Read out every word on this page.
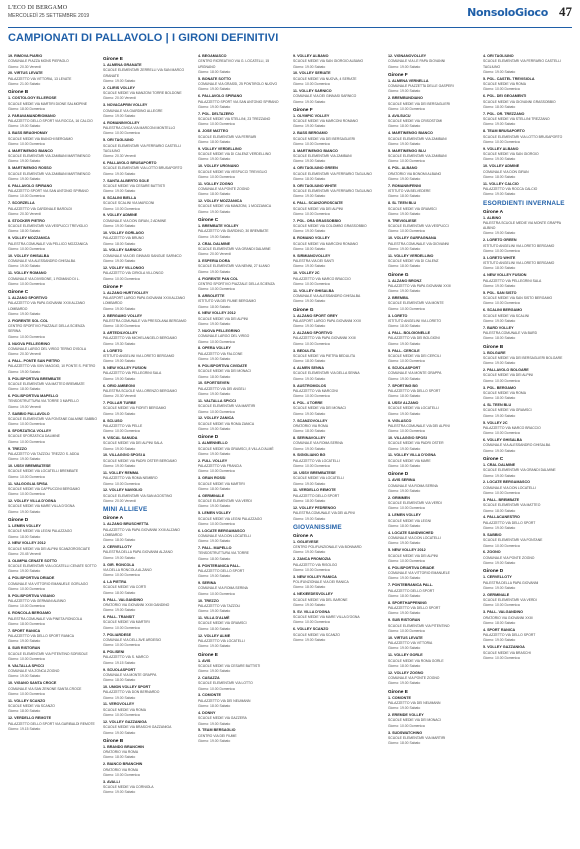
L'ECO DI BERGAMO
MERCOLEDÌ 25 SETTEMBRE 2019	NonsoloGioco 47
CAMPIONATI DI PALLAVOLO | I GIRONI DEFINITIVI
19. RIMOVA PIARIO
COMUNALE PIAZZA MONS PIEPAOLO
Giorno: 20.30 Venerdì
20. VIRTUS LEVATE
PALAZZETTO VIA VITTORIA, 13 LEVATE
Giorno: 21.00 Sabato
Girone B
1. COSTOLOGY ELLEROSE
SCUOLE MEDIE VIA MARTIRI DIONE SALMOPINE
Giorno: 18.00 Domenica
2. FARAVAMANDRIOMANO
PALAZZETTO DELLO SPORT VIA ROCCA, 16 CALCIO
Giorno: 19.00 Sabato
3. BASS BRAGHOMAY
SCUOLE MEDIE VIA BIANCHI BERGAMO
Giorno: 10.00 Domenica
4. MARTINENGO BIANCO
SCUOLE ELEMENTARI VIA ZAMBANI MARTINENGO
Giorno: 19.00 Sabato
5. MARTINENGO ROSSO
SCUOLE ELEMENTARI VIA ZAMBANI MARTINENGO
Giorno: 19.00 Sabato
6. PALLAVOLO SPIRANO
PALAZZETTO SPORT VIA SAN ANTONIO SPIRANO
Giorno: 10.00 Domenica
7. SCORZELLA
PALAZZETTO VIA CARDINALE BAROLDI
Giorno: 20.30 Venerdì
8. STOCKER PIETRO
SCUOLE ELEMENTARI VIA VESPUCCI TREVIGLIO
Giorno: 18.00 Sabato
9. VOLLEY MOZZANICA
PALESTRA COMUNALE VIA PELLICO MOZZANICA
Giorno: 10.00 Domenica
10. VOLLEY GHISALBA
COMUNALE VIA ALESSANDRO GHISALBA
Giorno: 19.00 Sabato
11. VOLLEY ROMANO
COMUNALE VIA DIVISIONE, 1 ROMANO DI L.
Giorno: 10.00 Domenica
Girone C
1. ALZANO SPORTIVO
PALAZZETTO VIA PAPA GIOVANNI XXIII ALZANO LOMBARDO
Giorno: 19.00 Sabato
2. FIORENTE SOL COL
CENTRO SPORTIVO PIAZZALE DELLA SCIENZA SERINA
Giorno: 10.00 Domenica
3. NUOVA PELLEGRINO
COMUNALE LARGO DEL VIRGO TERNO D'ISOLA
Giorno: 20.30 Venerdì
4. PALL. PONTE SAN PIETRO
PALAZZETTO VIA XXIV MAGGIO, 10 PONTE S. PIETRO
Giorno: 19.00 Sabato
5. POLISPORTIVA BREMBATE
SCUOLE ELEMENTARI VIA MATTEO BREMBATE
Giorno: 18.00 Sabato
6. POLISPORTIVA MAPELLO
TENSOSTRUTTURA VIA TORRE 3 MAPELLO
Giorno: 19.00 Venerdì
7. SABBIO PALLAVOLO
SCUOLE ELEMENTARI VIA FONTANE DALMINE SABBIO
Giorno: 10.00 Domenica
8. SFORZATICA VOLLEY
SCUOLE SFORZATICA DALMINE
Giorno: 10.00 Domenica
9. TREZZO
PALAZZETTO VIA TAZZOLI TREZZO S. ADDA
Giorno: 19.00 Sabato
10. USSV BREMBATESE
SCUOLE MEDIE VIA LOCATELLI BREMBATE
Giorno: 10.00 Domenica
11. VALGOGLIA SPISA
SCUOLE MEDIE VIA CAPPUCCINI BERGAMO
Giorno: 10.00 Domenica
12. VOLLEY VILLA D'OGNA
SCUOLE MEDIE VIA MARE VILLA D'OGNA
Giorno: 19.00 Sabato
Girone D
1. LEMEN VOLLEY
SCUOLE MEDIE VIA LEGNI PALAZZAGO
Giorno: 18.00 Sabato
2. NEW VOLLEY 2012
SCUOLE MEDIE VIA DEI ALPINI SCANZOROSCIATE
Giorno: 20.45 Venerdì
3. OLIMPIA CENATE SOTTO
SCUOLE ELEMENTARI VIA LOCATELLI CENATE SOTTO
Giorno: 19.00 Sabato
4. POLISPORTIVA DRIADE
COMUNALE VIA VITTORIO EMANUELE GORLAGO
Giorno: 10.00 Domenica
5. POLISPORTIVA VIGANO
PALAZZETTO VIA GERMANI ALBINO
Giorno: 10.00 Domenica
6. RONCOLA BERGAMO
PALESTRA COMUNALE VIA PINETA RONCOLA
Giorno: 18.00 Domenica
7. SPORT RANICA
PALAZZETTO VIA DELLO SPORT RANICA
Giorno: 19.00 Sabato
8. SUB RISTORAN
SCUOLE ELEMENTARI VIA PITENTINO SORISOLE
Giorno: 10.00 Domenica
9. VALTALLA SPICCI
COMUNALE VIA ZONCA ZOGNO
Giorno: 19.00 Sabato
10. VIGANO SANTA CROCE
COMUNALE VIA SAN ZENONE SANTA CROCE
Giorno: 10.00 Domenica
11. VOLLEY SCANZO
SCUOLE MEDIE VIA SCANZO
Giorno: 18.00 Sabato
12. VERDELLO REMOTE
PALAZZETTO DELLO SPORT VIA GARIBALDI REMOTE
Giorno: 19.15 Sabato
Girone E
1. ALMENA GRANATE
SCUOLE ELEMENTARI ZERRELLI VIA SAN MARCO GRANATE
Giorno: 19.00 Sabato
2. CLIRIS VOLLEY
SCUOLE MEDIE VIA MANZONI TORRE BOLDONE
Giorno: 20.00 Venerdì
3. NOVACAPRIN VOLLEY
COMUNALE VIA GIARDINO ALLEGRE
Giorno: 19.00 Sabato
4. ROMANINVOLLEY
PALESTRA CIVICA VIA MARCONI MONTELLO
Giorno: 10.00 Domenica
5. ORI TAGLIUNO
SCUOLE ELEMENTARI VIA FERRARIO CASTELLI TAGLIUNO
Giorno: 20.30 Venerdì
6. PALLAVOLO BRUSAPORTO
SCUOLE ELEMENTARI VIA LOTTO BRUSAPORTO
Giorno: 19.00 Sabato
7. SANTA ALBERTO SOLE
SCUOLE MEDIE VIA CESARE BATTISTI
Giorno: 19.00 Sabato
8. SCALINI BIELLA
SCUOLE SCALINI VIA MARCONI
Giorno: 10.00 Domenica
9. VOLLEY ADMINE
COMUNALE VIA DON GIRAN, 2 ADMINE
Giorno: 19.00 Sabato
10. VOLLEY GORLAGO
PALAZZETTO VIA BRUNO
Giorno: 18.00 Sabato
11. VOLLEY SARNICO
COMUNALE VIA DEI GINNASI SANGUE SARNICO
Giorno: 19.00 Sabato
12. VOLLEY VILLONGO
PALAZZETTO VIA CIRIOLA VILLONGO
Giorno: 10.00 Domenica
Girone F
1. ALZANO HURTVOLLEY
PALASPORT LARGO PAPA GIOVANNI XXIII ALZANO LOMBARDO
Giorno: 19.00 Sabato
2. BERGAMO VOLLEY
PALESTRA COMUNALE VIA PRESOLANA BERGAMO
Giorno: 18.00 Domenica
3. ARTEDILVOLLEY
PALAZZETTO VIA MICHELANGELO BERGAMO
Giorno: 19.30 Sabato
4. LORETO
ISTITUTO ANGELINI VIA LORETO BERGAMO
Giorno: 19.00 Sabato
5. NEW VOLLEY FUSION
PALAZZETTO VIA PELLEGRINI SALA
Giorno: 19.00 Sabato
6. ORIO AMBEGNI
PALESTRA SCUOLE VIA LORENZO BERGAMO
Giorno: 20.30 Venerdì
7. POLLAR TURBE
SCUOLE MEDIE VIA FIORITI BERGAMO
Giorno: 19.00 Sabato
8. SCLUSO
PALAZZETTO VIA PELLE
Giorno: 10.00 Domenica
9. VISCAL SANUDA
SCUOLE MEDIE VIA DEI ALPINI SALA
Giorno: 19.00 Sabato
10. VILLAGGIO SPOSI A
SCUOLE MEDIE VIA PADRI OSTER BERGAMO
Giorno: 19.00 Sabato
11. VOLLEY REMMA
PALAZZETTO VIA ROMA NEMBRO
Giorno: 10.00 Domenica
12. VOLLEY NAVIGLIO
SCUOLE ELEMENTARI VIA SAN AGOSTINO
Giorno: 20.00 Venerdì
MINI ALLIEVE
Girone A
1. ALZANO BRUSCHETTA
PALAZZETTO VIA PAPA GIOVANNI XXIII ALZANO LOMBARDO
Giorno: 18.00 Sabato
2. CERVELLOTY
PALESTRA DELLA PAPA GIOVANNI ALZANO
Giorno: 19.00 Sabato
3. GIR. RONCOLA
VIA DELLA RONCOLA ALZANO
Giorno: 10.00 Domenica
4. LA PIETRA
SCUOLE MEDIE VIA CORTI
Giorno: 18.00 Sabato
5. PALL. VALGANDINO
ORATORIO VIA GIOVANNI XXIII GANDINO
Giorno: 19.00 Sabato
6. PALL. TRANSIT
SCUOLE MEDIE VIA MARTIRI
Giorno: 10.00 Domenica
7. POLIARDESE
COMUNALE VIA DELL'AVE ARDESIO
Giorno: 10.00 Domenica
8. POLISENI
PALAZZETTO VIA S. MARCO
Giorno: 19.15 Sabato
9. SCUOLASPORT
COMUNALE VIA MONTE GRAPPA
Giorno: 18.00 Sabato
10. UNION VOLLEY SPORT
PALAZZETTO VIA DON BERNARDO
Giorno: 19.00 Sabato
11. VEROVOLLEY
SCUOLE MEDIE VIA ROMA
Giorno: 10.00 Domenica
12. VOLLEY GAZZANIGA
SCUOLE MEDIE VIA BRASCHI GAZZANIGA
Giorno: 19.00 Sabato
Girone B
1. BRANDO BRANCHIN
ORATORIO VIA ROMA
Giorno: 18.00 Sabato
2. BIANCO BRANCHIN
ORATORIO VIA ROMA
Giorno: 10.00 Domenica
3. AVALLI
SCUOLE MEDIE VIA CORNIOLA
Giorno: 19.00 Sabato
4. BEGAMASCO
CENTRO RICREATIVO VIA G. LOCATELLI, 15 URGNANO
Giorno: 18.00 Sabato
5. BONATE SOTTO
COMUNALE VIA GRASSI, 25 PONTIROLO NUOVO
Giorno: 19.00 Sabato
6. PALLAVOLO SPIRANO
PALAZZETTO SPORT VIA SAN ANTONIO SPIRANO
Giorno: 19.00 Sabato
7. POL. DELTAZERO
SCUOLE MEDIE VIA STELLINI, 23 TREZZANO
Giorno: 10.00 Domenica
8. JOSE MATTEO
SCUOLE ELEMENTARI VIA FERRARI
Giorno: 18.00 Sabato
9. VOLLEY VERDELLINO
SCUOLE MEDIE VIA DI CALENZ VERDELLINO
Giorno: 19.00 Sabato
10. VOLLEY URGNANO
SCUOLE MEDIE VIA VESPUCCI TREVIGLIO
Giorno: 10.00 Domenica
11. VOLLEY ZOGNO
COMUNALE VIA PONTE ZOGNO
Giorno: 18.00 Sabato
12. VOLLEY MOZZANICA
SCUOLE MEDIE VIA MANZONI, 1 MOZZANICA
Giorno: 19.00 Sabato
Girone C
1. BREMBATE VOLLEY
PALAZZETTO VIA GIARDINO, 30 BREMBATE
Giorno: 19.00 Sabato
2. CRAL DALMINE
SCUOLE ELEMENTARI VIA GRANDI DALMINE
Giorno: 20.00 Venerdì
3. ESPERIA DORA
SCUOLE ELEMENTARI VIA NENNI, 27 ILIANO
Giorno: 19.00 Sabato
4. FIORENTE PAN COL
CENTRO SPORTIVO PIAZZALE DELLA SCIENZA
Giorno: 10.00 Domenica
5. ARBOLETTE
ISTITUTO VIA DEI FIUME BERGAMO
Giorno: 18.00 Sabato
6. NEW VOLLEY 2012
SCUOLE MEDIE VIA DEI ALPINI
Giorno: 19.00 Sabato
7. NUOVA PELLEGRINO
COMUNALE LARGO DEL VIRGO
Giorno: 10.00 Domenica
8. OPERA VOLLEY
PALAZZETTO VIA FALCONE
Giorno: 19.00 Sabato
9. POLISPORTIVA CIVIDATE
SCUOLE MEDIE VIA DEI MONACI
Giorno: 18.00 Sabato
10. SPORTSEVEN
PALAZZETTO VIA DEI ANGELI
Giorno: 19.00 Sabato
11. VALTALLA SPICCI
SCUOLE ELEMENTARI VIA MARTIRI
Giorno: 10.00 Domenica
12. VOLLEY ZANICA
SCUOLE MEDIE VIA ROMA ZANICA
Giorno: 19.00 Sabato
Girone D
1. ALMENNELLO
SCUOLE MEDIE VIA GRAMSCI, 8 VILLA D'ALMÈ
Giorno: 19.00 Sabato
2. FULL VOLLEY
PALAZZETTO VIA FRANCIA
Giorno: 10.00 Domenica
3. GRAN ROSSI
SCUOLE MEDIE VIA MARTIRI
Giorno: 18.00 Sabato
4. GERMINALE
SCUOLE ELEMENTARI VIA VERDI
Giorno: 19.00 Sabato
5. LEMEN VOLLEY
SCUOLE MEDIE VIA LEGNI PALAZZAGO
Giorno: 10.00 Domenica
6. LOCATE BERGAMASCO
COMUNALE VIA DON LOCATELLI
Giorno: 19.00 Sabato
7. PALL. MAPELLO
TENSOSTRUTTURA VIA TORRE
Giorno: 18.00 Sabato
8. PONTERANICA PALL.
PALAZZETTO DELLO SPORT
Giorno: 19.00 Sabato
9. SERINA
COMUNALE VIA ROMA SERINA
Giorno: 10.00 Domenica
10. TREZZO
PALAZZETTO VIA TAZZOLI
Giorno: 19.00 Sabato
11. VILLA D'ALMÈ
SCUOLE MEDIE VIA GRAMSCI
Giorno: 18.00 Sabato
12. VOLLEY ALME
PALAZZETTO VIA LOCATELLI
Giorno: 19.00 Sabato
Girone E
1. AVIS
SCUOLE MEDIE VIA CESARE BATTISTI
Giorno: 19.00 Sabato
2. CASAZZA
SCUOLE ELEMENTARI VIA LOTTO
Giorno: 10.00 Domenica
3. COMONTE
PALAZZETTO VIA DEI NEUMANN
Giorno: 18.00 Sabato
4. DONNY
SCUOLE MEDIE VIA GAZZERA
Giorno: 19.00 Sabato
5. TEAM BERSAGLIO
CENTRO VIA DEI FIUME
Giorno: 19.00 Sabato
9. VOLLEY ALBANO
SCUOLE MEDIE VIA SAN GIORGIO ALBANO
Giorno: 19.00 Sabato
10. VOLLEY SERIATE
SCUOLE MEDIE VIA NUOVA, 4 SERIATE
Giorno: 10.00 Domenica
11. VOLLEY SARNICO
COMUNALE VIA DEI GINNASI SARNICO
Giorno: 19.00 Sabato
Girone F
1. OLYMPIC VOLLEY
SCUOLE MEDIE VIA MARCONI ROMANO
Giorno: 19.00 Sabato
2. BASS BERGAMO
SCUOLE MEDIE VIA DEI BERSAGLIERI
Giorno: 10.00 Domenica
3. MARTINENGO BIANCO
SCUOLE ELEMENTARI VIA ZAMBANI
Giorno: 19.00 Sabato
4. ORI TAGLIUNO GREEN
SCUOLE ELEMENTARI VIA FERRARIO TAGLIUNO
Giorno: 18.00 Sabato
5. ORI TAGLIUNO WHITE
SCUOLE ELEMENTARI VIA FERRARIO TAGLIUNO
Giorno: 19.00 Sabato
6. PALL. SCANZOROSCIATE
SCUOLE MEDIE VIA DEI ALPINI
Giorno: 10.00 Domenica
7. POL. ORA GRASSOBBIO
SCUOLE MEDIE VIA COLOMBO GRASSOBBIO
Giorno: 19.00 Sabato
8. ROMANO VOLLEY
SCUOLE MEDIE VIA MARCONI ROMANO
Giorno: 18.00 Sabato
9. SIRMIANOVOLLEY
PALESTRA VIA DEI SANTI
Giorno: 19.00 Sabato
10. VOLLEY 2C
PALAZZETTO VIA MARCO BRACCIO
Giorno: 10.00 Domenica
11. VOLLEY GHISALBA
COMUNALE VIA ALESSANDRO GHISALBA
Giorno: 19.00 Sabato
Girone G
1. ALZANO SPORT GREY
PALASPORT LARGO PAPA GIOVANNI XXIII
Giorno: 19.00 Sabato
2. ALZANO SPORTIVO
PALAZZETTO VIA PAPA GIOVANNI XXIII
Giorno: 10.00 Domenica
3. BEDULITA
SCUOLE MEDIE VIA PIETRA BEDULITA
Giorno: 18.00 Sabato
4. ALMEN SENNA
SCUOLE ELEMENTARI VIA DELLA SENNA
Giorno: 19.00 Sabato
5. AUSTROMOLOS
PALAZZETTO VIA MARCONI
Giorno: 10.00 Domenica
6. POL. 4 TORRE
SCUOLE MEDIE VIA DEI MONACI
Giorno: 19.00 Sabato
7. SCANZOVOLLEY
ORATORIO VIA ROMA
Giorno: 18.00 Sabato
8. SERINAVOLLEY
COMUNALE VIA ROMA SERINA
Giorno: 19.00 Sabato
9. SIGIGLIANO BG
PALAZZETTO VIA LOCATELLI
Giorno: 10.00 Domenica
10. USSV BREMBATESE
SCUOLE MEDIE VIA LOCATELLI
Giorno: 19.00 Sabato
11. VERDELLO REMOTE
PALAZZETTO DELLO SPORT
Giorno: 18.00 Sabato
12. VOLLEY PEDRENGO
PALESTRA COMUNALE VIA DEI ALPINI
Giorno: 19.00 Sabato
GIOVANISSIME
Girone A
1. GGLIEVESE
CENTRO POLIFUNZIONALE VIA BONNARD
Giorno: 19.00 Sabato
2. ZANCA PROMOZIA
PALAZZETTO VIA RISOLGO
Giorno: 10.00 Domenica
3. NEW VOLLEY RANICA
POLIFUNZIONALE VIA DEI RANICA
Giorno: 18.00 Sabato
4. NEXIEEDESVOLLEY
SCUOLE MEDIE VIA DEL BARONE
Giorno: 19.00 Sabato
5. SV. VILLA D'OGNA
SCUOLE MEDIE VIA MARE VILLA D'OGNA
Giorno: 10.00 Domenica
6. VOLLEY SCANZO
SCUOLE MEDIE VIA SCANZO
Giorno: 19.00 Sabato
12. VIGNANOVOLLEY
COMUNALE VIA LE PAPA GIOVANNI
Giorno: 19.00 Sabato
Girone F
1. ALMENA VERNELLA
COMUNALE PIAZZETTA DELLE GASPERI
Giorno: 19.00 Sabato
2. BREMBUNDIANO
SCUOLE MEDIE VIA DEI BERSAGLIERI
Giorno: 10.00 Domenica
3. AVILSUCU
SCUOLE MEDIE VIA CRISOSTOMI
Giorno: 18.00 Sabato
4. MARTINENGO BIANCO
SCUOLE ELEMENTARI VIA ZAMBANI
Giorno: 19.00 Sabato
5. MARTINENGO BLU
SCUOLE ELEMENTARI VIA ZAMBANI
Giorno: 10.00 Domenica
6. POL. ALBANO
ORATORIO VIA BONOMI ALBANO
Giorno: 19.00 Sabato
7. ROMANINFENNI
ISTITUTO VIA BELVEDERE
Giorno: 18.00 Sabato
8. SL TEEN BLU
SCUOLE MEDIE VIA GRAMSCI
Giorno: 19.00 Sabato
9. TREVIGLIESE
SCUOLE ELEMENTARI VIA VESPUCCI
Giorno: 10.00 Domenica
10. VOLLEY GARFAGNANA
PALESTRA COMUNALE VIA GIOVANNI
Giorno: 19.00 Sabato
11. VOLLEY VERDELLINO
SCUOLE MEDIE VIA DI CALENZ
Giorno: 18.00 Sabato
Girone G
1. ALZANO BRONZ
PALAZZETTO VIA PAPA GIOVANNI XXIII
Giorno: 19.00 Sabato
2. BREMBIL
SCUOLE ELEMENTARI VIA MONTE
Giorno: 10.00 Domenica
3. LORETO
ISTITUTO ANGELINI VIA LORETO
Giorno: 18.00 Sabato
4. PALL. BOLGIONELLE
PALAZZETTO VIA DEI BOLGIONI
Giorno: 19.00 Sabato
5. PALL. CERCILE
SCUOLE MEDIE VIA DEI CERCILI
Giorno: 10.00 Domenica
6. SCUOLASPORT
COMUNALE VIA MONTE GRAPPA
Giorno: 19.00 Sabato
7. SPORTING BG
PALAZZETTO VIA DELLO SPORT
Giorno: 18.00 Sabato
8. USSV ALZANO
SCUOLE MEDIE VIA LOCATELLI
Giorno: 19.00 Sabato
9. VIGLASCO
PALESTRA COMUNALE VIA DEI ALPINI
Giorno: 10.00 Domenica
10. VILLAGGIO SPOSI
SCUOLE MEDIE VIA PADRI OSTER
Giorno: 19.00 Sabato
11. VOLLEY VILLA D'OGNA
SCUOLE MEDIE VIA MARE
Giorno: 18.00 Sabato
Girone D
1. AVIS SERINA
COMUNALE VIA ROMA SERINA
Giorno: 19.00 Sabato
2. GRIMMEN
SCUOLE ELEMENTARI VIA VERDI
Giorno: 10.00 Domenica
3. LEMEN VOLLEY
SCUOLE MEDIE VIA LEGNI
Giorno: 18.00 Sabato
4. LOCATE SANDWICHED
COMUNALE VIA DON LOCATELLI
Giorno: 19.00 Sabato
5. NEW VOLLEY 2012
SCUOLE MEDIE VIA DEI ALPINI
Giorno: 10.00 Domenica
6. POLISPORTIVA DRIADE
COMUNALE VIA VITTORIO EMANUELE
Giorno: 19.00 Sabato
7. PONTEBRANICA PALL.
PALAZZETTO DELLO SPORT
Giorno: 18.00 Sabato
8. SPORTHAPPENING
PALAZZETTO VIA DELLO SPORT
Giorno: 19.00 Sabato
9. SUB RISTORAN
SCUOLE ELEMENTARI VIA PITENTINO
Giorno: 10.00 Domenica
10. VIRTUS LEVATE
PALAZZETTO VIA VITTORIA
Giorno: 19.00 Sabato
11. VOLLEY GORLE
SCUOLE MEDIE VIA ROMA GORLE
Giorno: 18.00 Sabato
12. VOLLEY ZOGNO
COMUNALE VIA PONTE ZOGNO
Giorno: 19.00 Sabato
Girone E
1. COMONTE
PALAZZETTO VIA DEI NEUMANN
Giorno: 19.00 Sabato
2. EREMDE VOLLEY
SCUOLE MEDIE VIA DEI MONACI
Giorno: 10.00 Domenica
3. SUDSWATCHING
SCUOLE ELEMENTARI VIA MARTIRI
Giorno: 18.00 Sabato
4. ORI TAGLIUNO
SCUOLE ELEMENTARI VIA FERRARIO CASTELLI TAGLIUNO
Giorno: 19.00 Sabato
5. POL. CASTEL TREVISIOLA
SCUOLE MEDIE VIA ROMA
Giorno: 10.00 Domenica
6. POL. DEI GEOAMENTI
SCUOLE MEDIE VIA GIOVANNI GRASSOBBIO
Giorno: 18.00 Sabato
7. POL. OR. TREZZANO
SCUOLE MEDIE VIA STELLINI TREZZANO
Giorno: 19.00 Sabato
8. TEAM BRUSAPORTO
SCUOLE ELEMENTARI VIA LOTTO BRUSAPORTO
Giorno: 10.00 Domenica
9. VOLLEY ALBANO
SCUOLE MEDIE VIA SAN GIORGIO
Giorno: 19.00 Sabato
10. VOLLEY ADMINE
COMUNALE VIA DON GIRAN
Giorno: 18.00 Sabato
11. VOLLEY CALCIO
PALAZZETTO VIA ROCCA CALCIO
Giorno: 19.00 Sabato
ESORDIENTI INVERNALE
Girone A
1. ALBINO
PALESTRA SCUOLE MEDIE VIA MONTE GRAPPA ALBINO
Giorno: 19.00 Sabato
2. LORETO GREEN
ISTITUTO ANGELINI VIA LORETO BERGAMO
Giorno: 10.00 Domenica
3. LORETO WHITE
ISTITUTO ANGELINI VIA LORETO BERGAMO
Giorno: 18.00 Sabato
4. NEW VOLLEY FUSION
PALAZZETTO VIA PELLEGRINI SALA
Giorno: 19.00 Sabato
5. POL. SAN SISTO
SCUOLE MEDIE VIA SAN SISTO BERGAMO
Giorno: 10.00 Domenica
6. SCALINI BERGAMO
SCUOLE MEDIE VIA SCALINI
Giorno: 19.00 Sabato
7. BARD VOLLEY
PALESTRA COMUNALE VIA BARD
Giorno: 18.00 Sabato
Girone B
1. BOLGARE
SCUOLE MEDIE VIA DEI BERSAGLIERI BOLGARE
Giorno: 19.00 Sabato
2. PALLAVOLO BOLGARE
SCUOLE MEDIE VIA DEI ALPINI
Giorno: 10.00 Domenica
3. POL. BERGAMO
SCUOLE MEDIE VIA ROMA
Giorno: 18.00 Sabato
4. SL TEEN BLU
SCUOLE MEDIE VIA GRAMSCI
Giorno: 19.00 Sabato
5. VOLLEY 2C
PALAZZETTO VIA MARCO BRACCIO
Giorno: 10.00 Domenica
6. VOLLEY GHISALBA
COMUNALE VIA ALESSANDRO GHISALBA
Giorno: 19.00 Sabato
Girone C
1. CRAL DALMINE
SCUOLE ELEMENTARI VIA GRANDI DALMINE
Giorno: 19.00 Sabato
2. LOCATE BERGAMASCO
COMUNALE VIA DON LOCATELLI
Giorno: 10.00 Domenica
3. PALL. BREMBATE
SCUOLE ELEMENTARI VIA MATTEO
Giorno: 18.00 Sabato
4. PALLACANESTRO
PALAZZETTO VIA DELLO SPORT
Giorno: 19.00 Sabato
5. SABBIO
SCUOLE ELEMENTARI VIA FONTANE
Giorno: 10.00 Domenica
6. ZOGNO
COMUNALE VIA PONTE ZOGNO
Giorno: 19.00 Sabato
Girone D
1. CERVELLOTY
PALESTRA DELLA PAPA GIOVANNI
Giorno: 19.00 Sabato
2. GERMINALE
SCUOLE ELEMENTARI VIA VERDI
Giorno: 10.00 Domenica
3. PALL. VALGANDINO
ORATORIO VIA GIOVANNI XXIII
Giorno: 18.00 Sabato
4. SPORT RANICA
PALAZZETTO VIA DELLO SPORT
Giorno: 19.00 Sabato
5. VOLLEY GAZZANIGA
SCUOLE MEDIE VIA BRASCHI
Giorno: 10.00 Domenica
